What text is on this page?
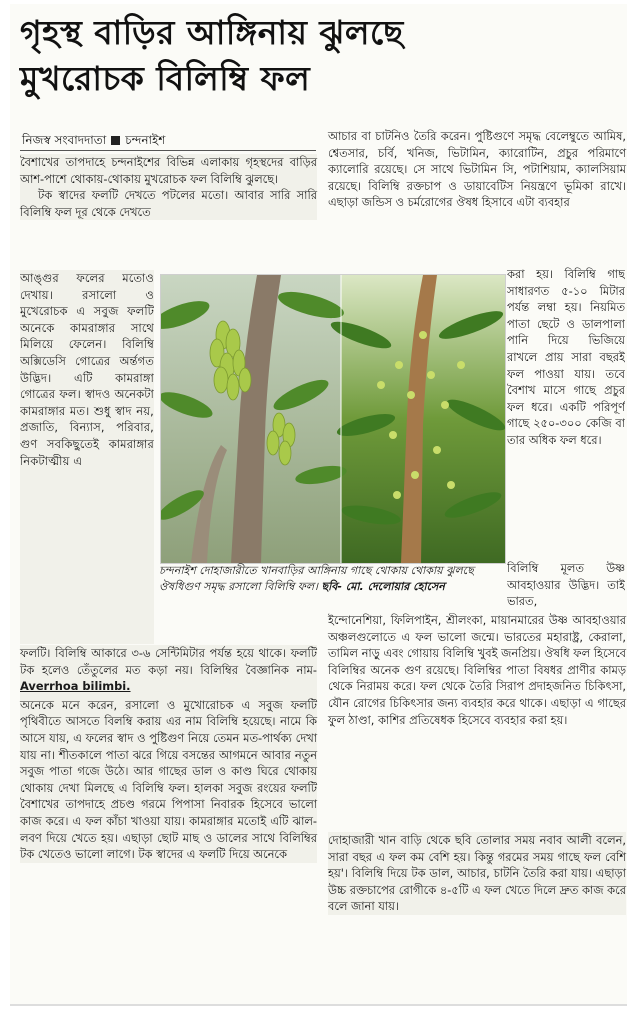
গৃহস্থ বাড়ির আঙ্গিনায় ঝুলছে
মুখরোচক বিলিম্বি ফল
নিজস্ব সংবাদদাতা চন্দনাইশ

বৈশাখের তাপদাহে চন্দনাইশের বিভিন্ন এলাকায় গৃহস্থদের বাড়ির আশ-পাশে থোকায়-থোকায় মুখরোচক ফল বিলিম্বি ঝুলছে।

টক স্বাদের ফলটি দেখতে পটলের মতো। আবার সারি সারি বিলিম্বি ফল দূর থেকে দেখতে

আঙ্গুর ফলের মতোও দেখায়। রসালো ও মুখেরোচক এ সবুজ ফলটি অনেকে কামরাঙ্গার সাথে মিলিয়ে ফেলেন। বিলিম্বি অক্সিডেসি গোত্রের অর্ন্তগত উদ্ভিদ। এটি কামরাঙ্গা গোত্রের ফল। স্বাদও অনেকটা কামরাঙ্গার মত। শুধু স্বাদ নয়, প্রজাতি, বিন্যাস, পরিবার, গুণ সবকিছুতেই কামরাঙ্গার নিকটাত্মীয় এ

ফলটি। বিলিম্বি আকারে ৩-৬ সেন্টিমিটার পর্যন্ত হয়ে থাকে। ফলটি টক হলেও তেঁতুলের মত কড়া নয়। বিলিম্বির বৈজ্ঞানিক নাম-Averrhoa bilimbi.

অনেকে মনে করেন, রসালো ও মুখোরোচক এ সবুজ ফলটি পৃথিবীতে আসতে বিলম্বি করায় এর নাম বিলিম্বি হয়েছে। নামে কি আসে যায়, এ ফলের স্বাদ ও পুষ্টিগুণ নিয়ে তেমন মত-পার্থক্য দেখা যায় না। শীতকালে পাতা ঝরে গিয়ে বসন্তের আগমনে আবার নতুন সবুজ পাতা গজে উঠে। আর গাছের ডাল ও কাণ্ড ঘিরে থোকায় থোকায় দেখা মিলছে এ বিলিম্বি ফল। হালকা সবুজ রংয়ের ফলটি বৈশাখের তাপদাহে প্রচণ্ড গরমে পিপাসা নিবারক হিসেবে ভালো কাজ করে। এ ফল কাঁচা খাওয়া যায়। কামরাঙ্গার মতোই এটি ঝাল-লবণ দিয়ে খেতে হয়। এছাড়া ছোট মাছ ও ডালের সাথে বিলিম্বির টক খেতেও ভালো লাগে। টক স্বাদের এ ফলটি দিয়ে অনেকে

আচার বা চাটনিও তৈরি করেন। পুষ্টিগুণে সমৃদ্ধ বেলেম্বুতে আমিষ, শ্বেতসার, চর্বি, খনিজ, ভিটামিন, ক্যারোটিন, প্রচুর পরিমাণে ক্যালোরি রয়েছে। সে সাথে ভিটামিন সি, পটাশিয়াম, ক্যালসিয়াম রয়েছে। বিলিম্বি রক্তচাপ ও ডায়াবেটিস নিয়ন্ত্রণে ভূমিকা রাখে। এছাড়া জন্ডিস ও চর্মরোগের ঔষধ হিসাবে এটা ব্যবহার

করা হয়। বিলিম্বি গাছ সাধারণত ৫-১০ মিটার পর্যন্ত লম্বা হয়। নিয়মিত পাতা ছেটে ও ডালপালা পানি দিয়ে ভিজিয়ে রাখলে প্রায় সারা বছরই ফল পাওয়া যায়। তবে বৈশাখ মাসে গাছে প্রচুর ফল ধরে। একটি পরিপূর্ণ গাছে ২৫০-৩০০ কেজি বা তার অধিক ফল ধরে।

বিলিম্বি মূলত উষ্ণ আবহাওয়ার উদ্ভিদ। তাই ভারত,

ইন্দোনেশিয়া, ফিলিপাইন, শ্রীলংকা, মায়ানমারের উষ্ণ আবহাওয়ার অঞ্চলগুলোতে এ ফল ভালো জন্মে। ভারতের মহারাষ্ট্র, কেরালা, তামিল নাড়ু এবং গোয়ায় বিলিম্বি খুবই জনপ্রিয়। ঔষধি ফল হিসেবে বিলিম্বির অনেক গুণ রয়েছে। বিলিম্বির পাতা বিষধর প্রাণীর কামড় থেকে নিরাময় করে। ফল থেকে তৈরি সিরাপ প্রদাহজনিত চিকিৎসা, যৌন রোগের চিকিৎসার জন্য ব্যবহার করে থাকে। এছাড়া এ গাছের ফুল ঠাণ্ডা, কাশির প্রতিষেধক হিসেবে ব্যবহার করা হয়।

দোহাজারী খান বাড়ি থেকে ছবি তোলার সময় নবাব আলী বলেন, সারা বছর এ ফল কম বেশি হয়। কিন্তু গরমের সময় গাছে ফল বেশি হয়'। বিলিম্বি দিয়ে টক ডাল, আচার, চাটনি তৈরি করা যায়। এছাড়া উচ্চ রক্তচাপের রোগীকে ৪-৫টি এ ফল খেতে দিলে দ্রুত কাজ করে বলে জানা যায়।

চন্দনাইশ দোহাজারীতে খানবাড়ির আঙ্গিনায় গাছে থোকায় থোকায় ঝুলছে ঔষধিগুণ সমৃদ্ধ রসালো বিলিম্বি ফল। ছবি- মো. দেলোয়ার হোসেন
